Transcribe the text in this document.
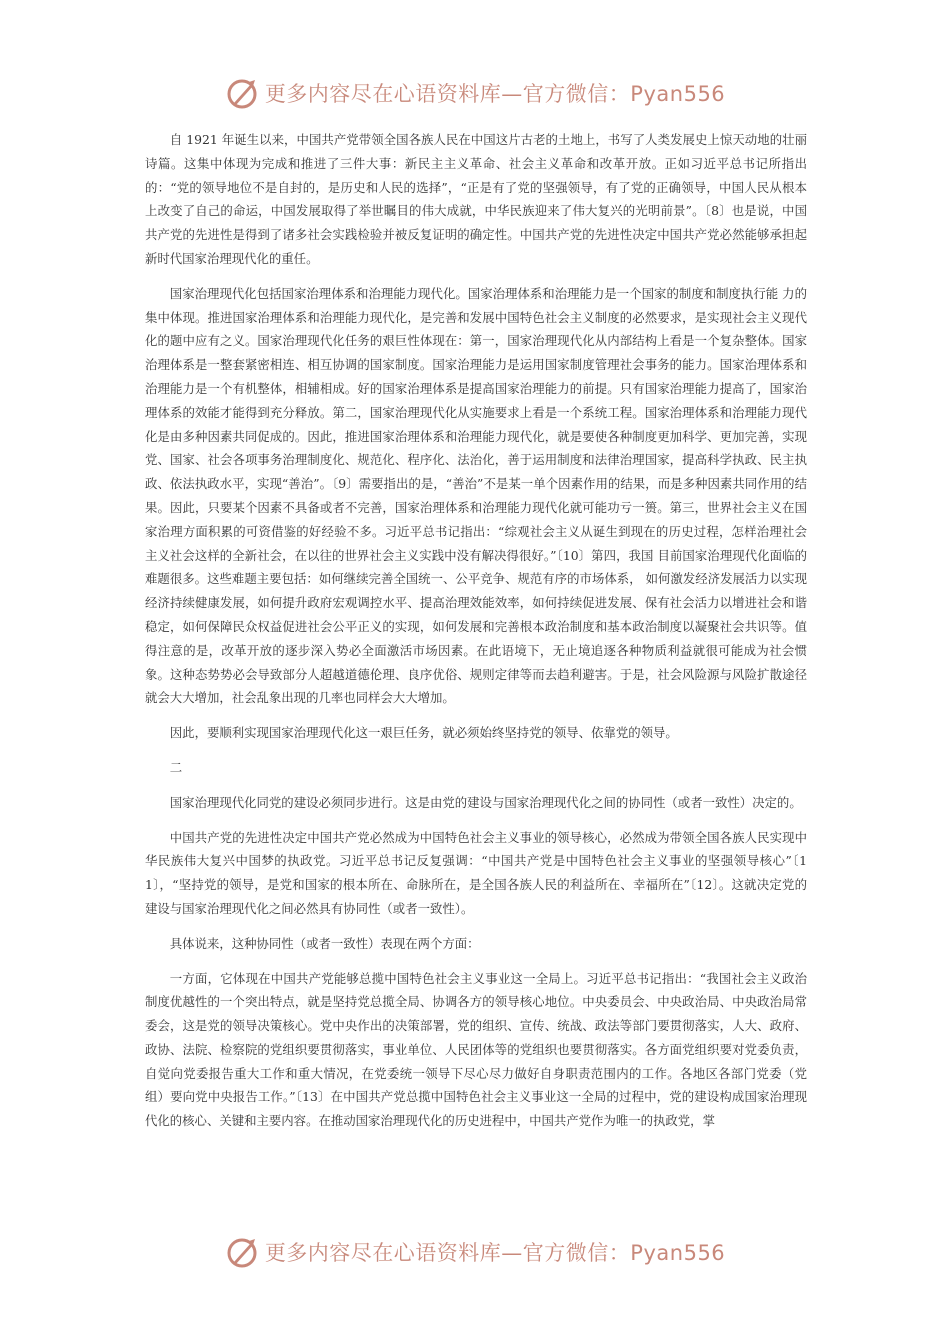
更多内容尽在心语资料库—官方微信：Pyan556

自 1921 年诞生以来，中国共产党带领全国各族人民在中国这片古老的土地上，书写了人类发展史上惊天动地的壮丽诗篇。这集中体现为完成和推进了三件大事：新民主主义革命、社会主义革命和改革开放。正如习近平总书记所指出的：“党的领导地位不是自封的，是历史和人民的选择”，“正是有了党的坚强领导，有了党的正确领导，中国人民从根本上改变了自己的命运，中国发展取得了举世瞩目的伟大成就，中华民族迎来了伟大复兴的光明前景”。〔8〕也是说，中国共产党的先进性是得到了诸多社会实践检验并被反复证明的确定性。中国共产党的先进性决定中国共产党必然能够承担起新时代国家治理现代化的重任。

国家治理现代化包括国家治理体系和治理能力现代化。国家治理体系和治理能力是一个国家的制度和制度执行能 力的集中体现。推进国家治理体系和治理能力现代化，是完善和发展中国特色社会主义制度的必然要求，是实现社会主义现代化的题中应有之义。国家治理现代化任务的艰巨性体现在：第一，国家治理现代化从内部结构上看是一个复杂整体。国家治理体系是一整套紧密相连、相互协调的国家制度。国家治理能力是运用国家制度管理社会事务的能力。国家治理体系和治理能力是一个有机整体，相辅相成。好的国家治理体系是提高国家治理能力的前提。只有国家治理能力提高了，国家治理体系的效能才能得到充分释放。第二，国家治理现代化从实施要求上看是一个系统工程。国家治理体系和治理能力现代化是由多种因素共同促成的。因此，推进国家治理体系和治理能力现代化，就是要使各种制度更加科学、更加完善，实现党、国家、社会各项事务治理制度化、规范化、程序化、法治化，善于运用制度和法律治理国家，提高科学执政、民主执政、依法执政水平，实现“善治”。〔9〕需要指出的是，“善治”不是某一单个因素作用的结果，而是多种因素共同作用的结果。因此，只要某个因素不具备或者不完善，国家治理体系和治理能力现代化就可能功亏一篑。第三，世界社会主义在国家治理方面积累的可资借鉴的好经验不多。习近平总书记指出：“综观社会主义从诞生到现在的历史过程，怎样治理社会主义社会这样的全新社会，在以往的世界社会主义实践中没有解决得很好。”〔10〕第四，我国 目前国家治理现代化面临的难题很多。这些难题主要包括：如何继续完善全国统一、公平竞争、规范有序的市场体系， 如何激发经济发展活力以实现经济持续健康发展，如何提升政府宏观调控水平、提高治理效能效率，如何持续促进发展、保有社会活力以增进社会和谐稳定，如何保障民众权益促进社会公平正义的实现，如何发展和完善根本政治制度和基本政治制度以凝聚社会共识等。值得注意的是，改革开放的逐步深入势必全面激活市场因素。在此语境下，无止境追逐各种物质利益就很可能成为社会惯象。这种态势势必会导致部分人超越道德伦理、良序优俗、规则定律等而去趋利避害。于是，社会风险源与风险扩散途径就会大大增加，社会乱象出现的几率也同样会大大增加。

因此，要顺利实现国家治理现代化这一艰巨任务，就必须始终坚持党的领导、依靠党的领导。

二

国家治理现代化同党的建设必须同步进行。这是由党的建设与国家治理现代化之间的协同性（或者一致性）决定的。

中国共产党的先进性决定中国共产党必然成为中国特色社会主义事业的领导核心，必然成为带领全国各族人民实现中华民族伟大复兴中国梦的执政党。习近平总书记反复强调：“中国共产党是中国特色社会主义事业的坚强领导核心”〔11〕，“坚持党的领导，是党和国家的根本所在、命脉所在，是全国各族人民的利益所在、幸福所在”〔12〕。这就决定党的建设与国家治理现代化之间必然具有协同性（或者一致性）。

具体说来，这种协同性（或者一致性）表现在两个方面：

一方面，它体现在中国共产党能够总揽中国特色社会主义事业这一全局上。习近平总书记指出：“我国社会主义政治制度优越性的一个突出特点，就是坚持党总揽全局、协调各方的领导核心地位。中央委员会、中央政治局、中央政治局常委会，这是党的领导决策核心。党中央作出的决策部署，党的组织、宣传、统战、政法等部门要贯彻落实，人大、政府、政协、法院、检察院的党组织要贯彻落实，事业单位、人民团体等的党组织也要贯彻落实。各方面党组织要对党委负责，自觉向党委报告重大工作和重大情况，在党委统一领导下尽心尽力做好自身职责范围内的工作。各地区各部门党委（党组）要向党中央报告工作。”〔13〕在中国共产党总揽中国特色社会主义事业这一全局的过程中，党的建设构成国家治理现代化的核心、关键和主要内容。在推动国家治理现代化的历史进程中，中国共产党作为唯一的执政党，掌

更多内容尽在心语资料库—官方微信：Pyan556
